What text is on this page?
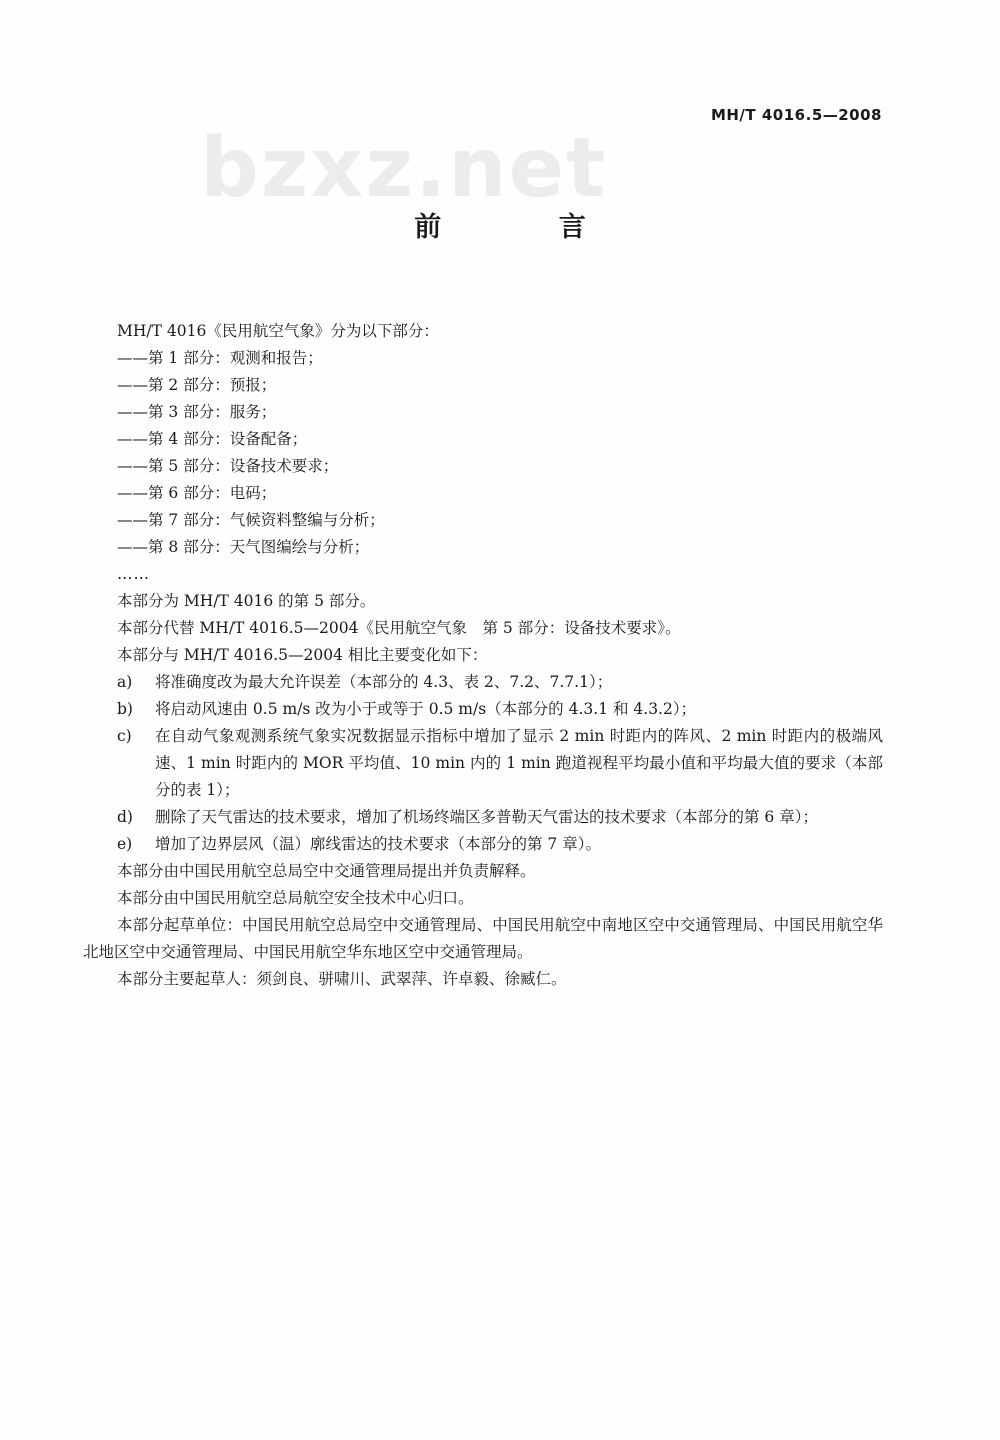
MH/T 4016.5—2008
bzxz.net
前 言

MH/T 4016《民用航空气象》分为以下部分：

——第 1 部分：观测和报告；

——第 2 部分：预报；

——第 3 部分：服务；

——第 4 部分：设备配备；

——第 5 部分：设备技术要求；

——第 6 部分：电码；

——第 7 部分：气候资料整编与分析；

——第 8 部分：天气图编绘与分析；

……

本部分为 MH/T 4016 的第 5 部分。

本部分代替 MH/T 4016.5—2004《民用航空气象　第 5 部分：设备技术要求》。

本部分与 MH/T 4016.5—2004 相比主要变化如下：

a)	将准确度改为最大允许误差（本部分的 4.3、表 2、7.2、7.7.1）；
b)	将启动风速由 0.5 m/s 改为小于或等于 0.5 m/s（本部分的 4.3.1 和 4.3.2）；
c)	在自动气象观测系统气象实况数据显示指标中增加了显示 2 min 时距内的阵风、2 min 时距内的极端风速、1 min 时距内的 MOR 平均值、10 min 内的 1 min 跑道视程平均最小值和平均最大值的要求（本部分的表 1）；
d)	删除了天气雷达的技术要求，增加了机场终端区多普勒天气雷达的技术要求（本部分的第 6 章）；
e)	增加了边界层风（温）廓线雷达的技术要求（本部分的第 7 章）。

本部分由中国民用航空总局空中交通管理局提出并负责解释。

本部分由中国民用航空总局航空安全技术中心归口。

本部分起草单位：中国民用航空总局空中交通管理局、中国民用航空中南地区空中交通管理局、中国民用航空华北地区空中交通管理局、中国民用航空华东地区空中交通管理局。

本部分主要起草人：须剑良、骈啸川、武翠萍、许卓毅、徐臧仁。
